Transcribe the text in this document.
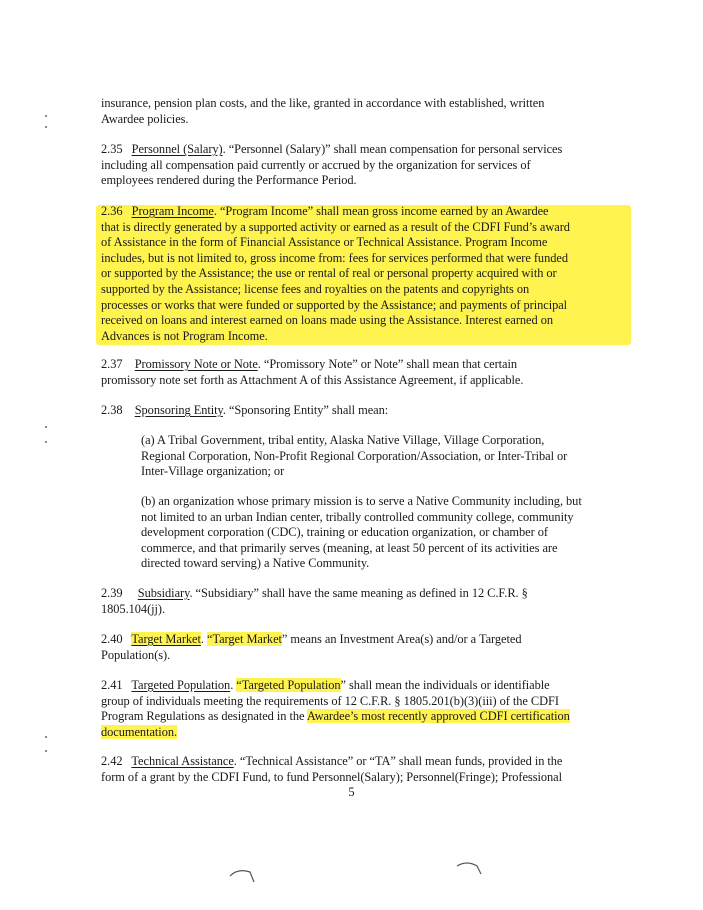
insurance, pension plan costs, and the like, granted in accordance with established, written
Awardee policies.
2.35 Personnel (Salary). “Personnel (Salary)” shall mean compensation for personal services
including all compensation paid currently or accrued by the organization for services of
employees rendered during the Performance Period.
2.36 Program Income. “Program Income” shall mean gross income earned by an Awardee
that is directly generated by a supported activity or earned as a result of the CDFI Fund’s award
of Assistance in the form of Financial Assistance or Technical Assistance. Program Income
includes, but is not limited to, gross income from: fees for services performed that were funded
or supported by the Assistance; the use or rental of real or personal property acquired with or
supported by the Assistance; license fees and royalties on the patents and copyrights on
processes or works that were funded or supported by the Assistance; and payments of principal
received on loans and interest earned on loans made using the Assistance. Interest earned on
Advances is not Program Income.
2.37 Promissory Note or Note. “Promissory Note” or Note” shall mean that certain
promissory note set forth as Attachment A of this Assistance Agreement, if applicable.
2.38 Sponsoring Entity. “Sponsoring Entity” shall mean:
(a) A Tribal Government, tribal entity, Alaska Native Village, Village Corporation,
Regional Corporation, Non-Profit Regional Corporation/Association, or Inter-Tribal or
Inter-Village organization; or
(b) an organization whose primary mission is to serve a Native Community including, but
not limited to an urban Indian center, tribally controlled community college, community
development corporation (CDC), training or education organization, or chamber of
commerce, and that primarily serves (meaning, at least 50 percent of its activities are
directed toward serving) a Native Community.
2.39 Subsidiary. “Subsidiary” shall have the same meaning as defined in 12 C.F.R. §
1805.104(jj).
2.40 Target Market. “Target Market” means an Investment Area(s) and/or a Targeted
Population(s).
2.41 Targeted Population. “Targeted Population” shall mean the individuals or identifiable
group of individuals meeting the requirements of 12 C.F.R. § 1805.201(b)(3)(iii) of the CDFI
Program Regulations as designated in the Awardee’s most recently approved CDFI certification
documentation.
2.42 Technical Assistance. “Technical Assistance” or “TA” shall mean funds, provided in the
form of a grant by the CDFI Fund, to fund Personnel(Salary); Personnel(Fringe); Professional
5
